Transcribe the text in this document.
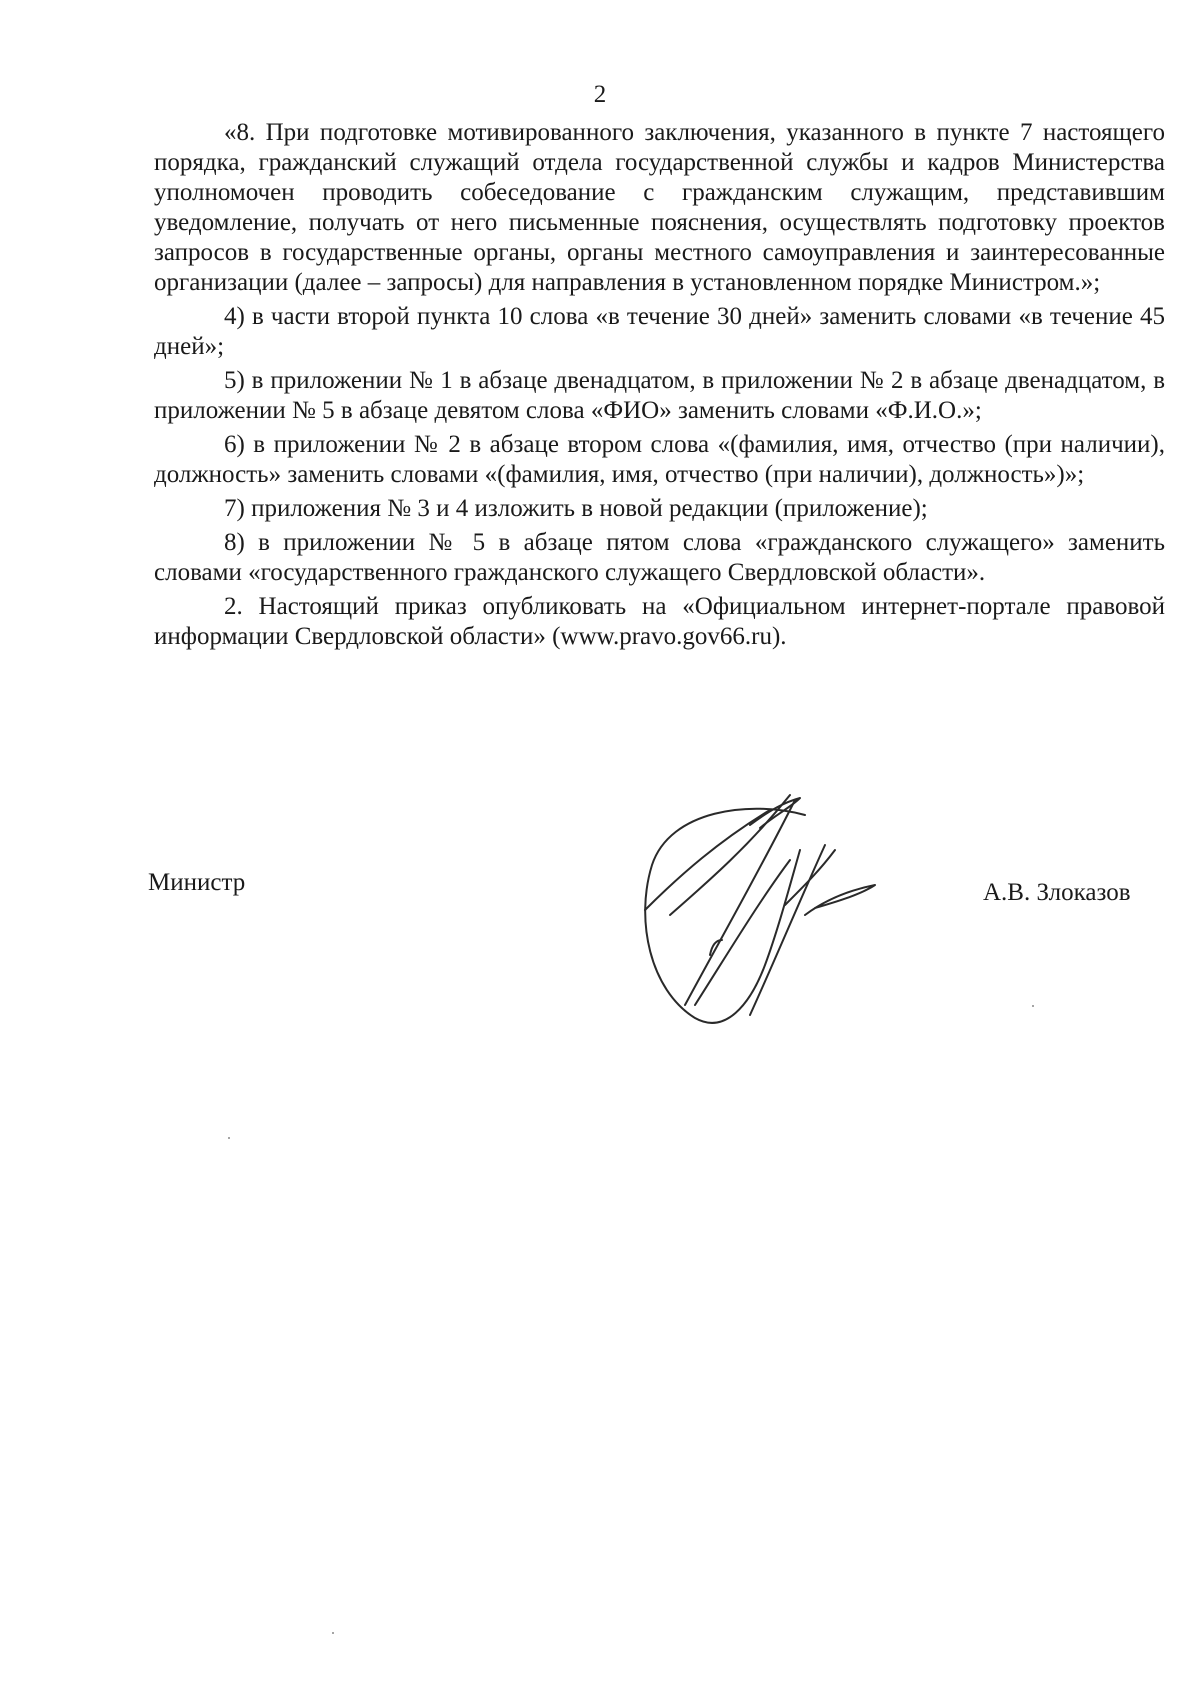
2

«8. При подготовке мотивированного заключения, указанного в пункте 7 настоящего порядка, гражданский служащий отдела государственной службы и кадров Министерства уполномочен проводить собеседование с гражданским служащим, представившим уведомление, получать от него письменные пояснения, осуществлять подготовку проектов запросов в государственные органы, органы местного самоуправления и заинтересованные организации (далее – запросы) для направления в установленном порядке Министром.»;

4) в части второй пункта 10 слова «в течение 30 дней» заменить словами «в течение 45 дней»;

5) в приложении № 1 в абзаце двенадцатом, в приложении № 2 в абзаце двенадцатом, в приложении № 5 в абзаце девятом слова «ФИО» заменить словами «Ф.И.О.»;

6) в приложении № 2 в абзаце втором слова «(фамилия, имя, отчество (при наличии), должность» заменить словами «(фамилия, имя, отчество (при наличии), должность»)»;

7) приложения № 3 и 4 изложить в новой редакции (приложение);

8) в приложении № 5 в абзаце пятом слова «гражданского служащего» заменить словами «государственного гражданского служащего Свердловской области».

2. Настоящий приказ опубликовать на «Официальном интернет-портале правовой информации Свердловской области» (www.pravo.gov66.ru).

Министр	А.В. Злоказов
